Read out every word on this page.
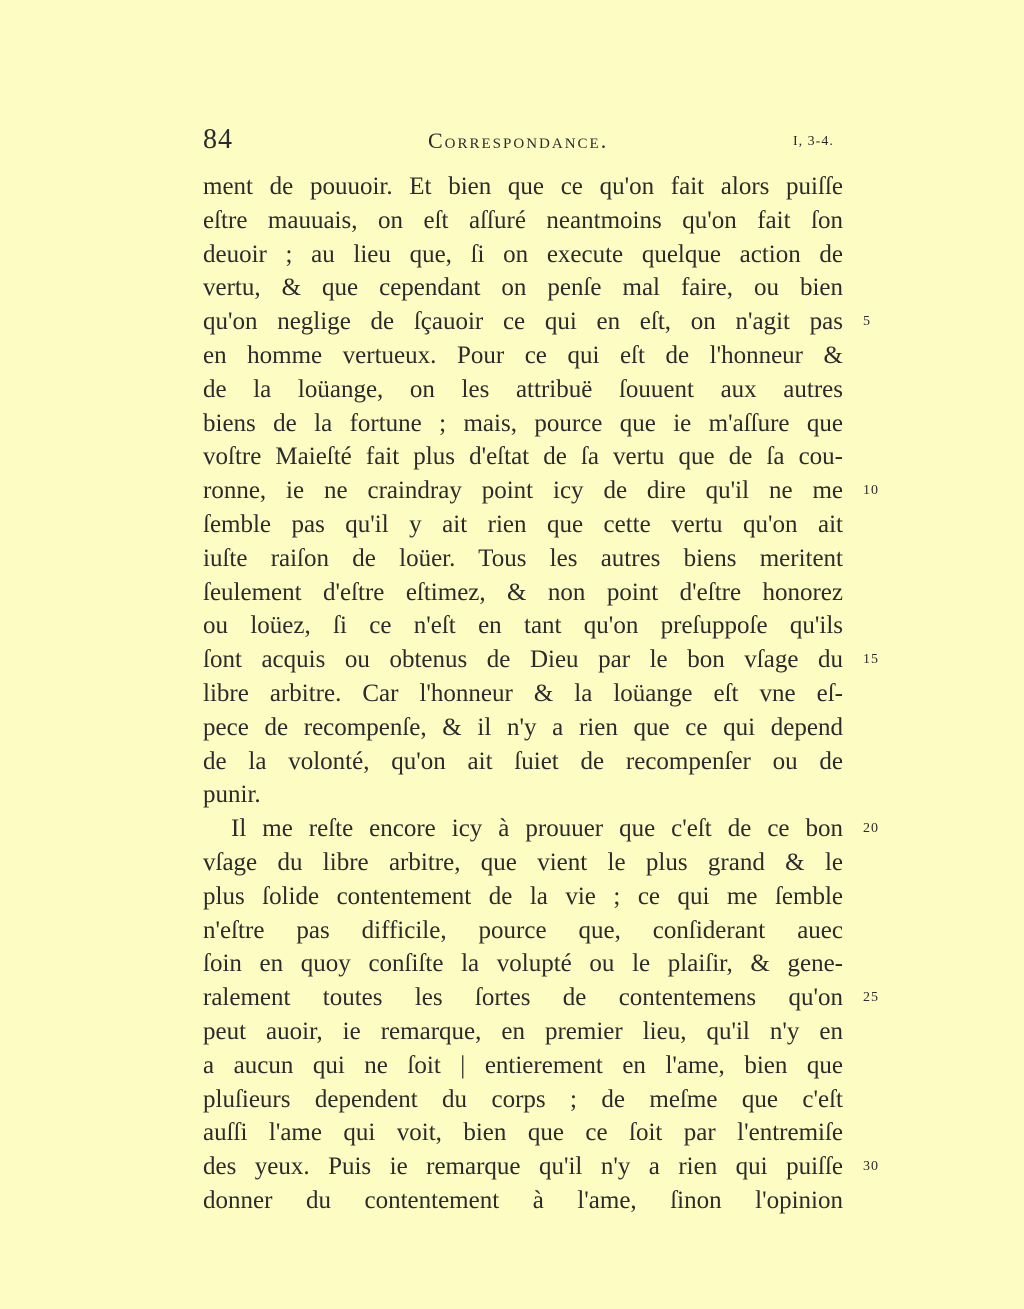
84	Correspondance.	I, 3-4.
ment de pouuoir. Et bien que ce qu'on fait alors puiſſe
eſtre mauuais, on eſt aſſuré neantmoins qu'on fait ſon
deuoir ; au lieu que, ſi on execute quelque action de
vertu, & que cependant on penſe mal faire, ou bien
qu'on neglige de ſçauoir ce qui en eſt, on n'agit pas 5
en homme vertueux. Pour ce qui eſt de l'honneur &
de la loüange, on les attribuë ſouuent aux autres
biens de la fortune ; mais, pource que ie m'aſſure que
voſtre Maieſté fait plus d'eſtat de ſa vertu que de ſa cou-
ronne, ie ne craindray point icy de dire qu'il ne me 10
ſemble pas qu'il y ait rien que cette vertu qu'on ait
iuſte raiſon de loüer. Tous les autres biens meritent
ſeulement d'eſtre eſtimez, & non point d'eſtre honorez
ou loüez, ſi ce n'eſt en tant qu'on preſuppoſe qu'ils
ſont acquis ou obtenus de Dieu par le bon vſage du 15
libre arbitre. Car l'honneur & la loüange eſt vne eſ-
pece de recompenſe, & il n'y a rien que ce qui depend
de la volonté, qu'on ait ſuiet de recompenſer ou de
punir.
Il me reſte encore icy à prouuer que c'eſt de ce bon 20
vſage du libre arbitre, que vient le plus grand & le
plus ſolide contentement de la vie ; ce qui me ſemble
n'eſtre pas difficile, pource que, conſiderant auec
ſoin en quoy conſiſte la volupté ou le plaiſir, & gene-
ralement toutes les ſortes de contentemens qu'on 25
peut auoir, ie remarque, en premier lieu, qu'il n'y en
a aucun qui ne ſoit | entierement en l'ame, bien que
pluſieurs dependent du corps ; de meſme que c'eſt
auſſi l'ame qui voit, bien que ce ſoit par l'entremiſe
des yeux. Puis ie remarque qu'il n'y a rien qui puiſſe 30
donner du contentement à l'ame, ſinon l'opinion
